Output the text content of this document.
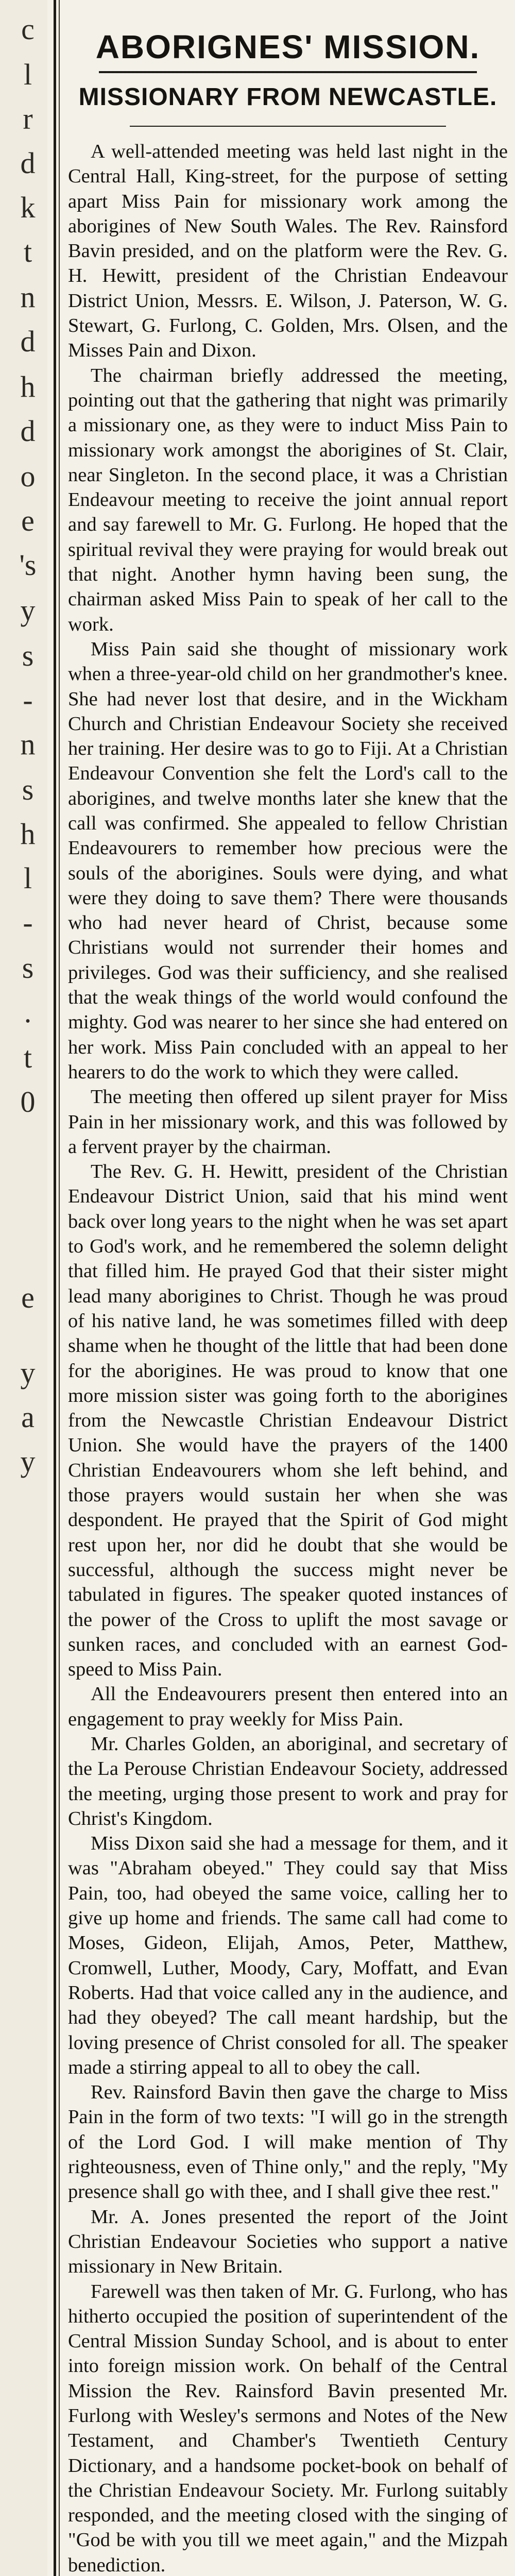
c
l
r
d
k
t
n
d
h
d
o
e
's
y
s
-
n
s
h
l
-
s
.
t
0
e
y
a
y
ABORIGNES' MISSION.
MISSIONARY FROM NEWCASTLE.

A well-attended meeting was held last night in the Central Hall, King-street, for the purpose of setting apart Miss Pain for missionary work among the aborigines of New South Wales. The Rev. Rainsford Bavin presided, and on the platform were the Rev. G. H. Hewitt, president of the Christian Endeavour District Union, Messrs. E. Wilson, J. Paterson, W. G. Stewart, G. Furlong, C. Golden, Mrs. Olsen, and the Misses Pain and Dixon.

The chairman briefly addressed the meeting, pointing out that the gathering that night was primarily a missionary one, as they were to induct Miss Pain to missionary work amongst the aborigines of St. Clair, near Singleton. In the second place, it was a Christian Endeavour meeting to receive the joint annual report and say farewell to Mr. G. Furlong. He hoped that the spiritual revival they were praying for would break out that night. Another hymn having been sung, the chairman asked Miss Pain to speak of her call to the work.

Miss Pain said she thought of missionary work when a three-year-old child on her grandmother's knee. She had never lost that desire, and in the Wickham Church and Christian Endeavour Society she received her training. Her desire was to go to Fiji. At a Christian Endeavour Convention she felt the Lord's call to the aborigines, and twelve months later she knew that the call was confirmed. She appealed to fellow Christian Endeavourers to remember how precious were the souls of the aborigines. Souls were dying, and what were they doing to save them? There were thousands who had never heard of Christ, because some Christians would not surrender their homes and privileges. God was their sufficiency, and she realised that the weak things of the world would confound the mighty. God was nearer to her since she had entered on her work. Miss Pain concluded with an appeal to her hearers to do the work to which they were called.

The meeting then offered up silent prayer for Miss Pain in her missionary work, and this was followed by a fervent prayer by the chairman.

The Rev. G. H. Hewitt, president of the Christian Endeavour District Union, said that his mind went back over long years to the night when he was set apart to God's work, and he remembered the solemn delight that filled him. He prayed God that their sister might lead many aborigines to Christ. Though he was proud of his native land, he was sometimes filled with deep shame when he thought of the little that had been done for the aborigines. He was proud to know that one more mission sister was going forth to the aborigines from the Newcastle Christian Endeavour District Union. She would have the prayers of the 1400 Christian Endeavourers whom she left behind, and those prayers would sustain her when she was despondent. He prayed that the Spirit of God might rest upon her, nor did he doubt that she would be successful, although the success might never be tabulated in figures. The speaker quoted instances of the power of the Cross to uplift the most savage or sunken races, and concluded with an earnest God-speed to Miss Pain.

All the Endeavourers present then entered into an engagement to pray weekly for Miss Pain.

Mr. Charles Golden, an aboriginal, and secretary of the La Perouse Christian Endeavour Society, addressed the meeting, urging those present to work and pray for Christ's Kingdom.

Miss Dixon said she had a message for them, and it was "Abraham obeyed." They could say that Miss Pain, too, had obeyed the same voice, calling her to give up home and friends. The same call had come to Moses, Gideon, Elijah, Amos, Peter, Matthew, Cromwell, Luther, Moody, Cary, Moffatt, and Evan Roberts. Had that voice called any in the audience, and had they obeyed? The call meant hardship, but the loving presence of Christ consoled for all. The speaker made a stirring appeal to all to obey the call.

Rev. Rainsford Bavin then gave the charge to Miss Pain in the form of two texts: "I will go in the strength of the Lord God. I will make mention of Thy righteousness, even of Thine only," and the reply, "My presence shall go with thee, and I shall give thee rest."

Mr. A. Jones presented the report of the Joint Christian Endeavour Societies who support a native missionary in New Britain.

Farewell was then taken of Mr. G. Furlong, who has hitherto occupied the position of superintendent of the Central Mission Sunday School, and is about to enter into foreign mission work. On behalf of the Central Mission the Rev. Rainsford Bavin presented Mr. Furlong with Wesley's sermons and Notes of the New Testament, and Chamber's Twentieth Century Dictionary, and a handsome pocket-book on behalf of the Christian Endeavour Society. Mr. Furlong suitably responded, and the meeting closed with the singing of "God be with you till we meet again," and the Mizpah benediction.
